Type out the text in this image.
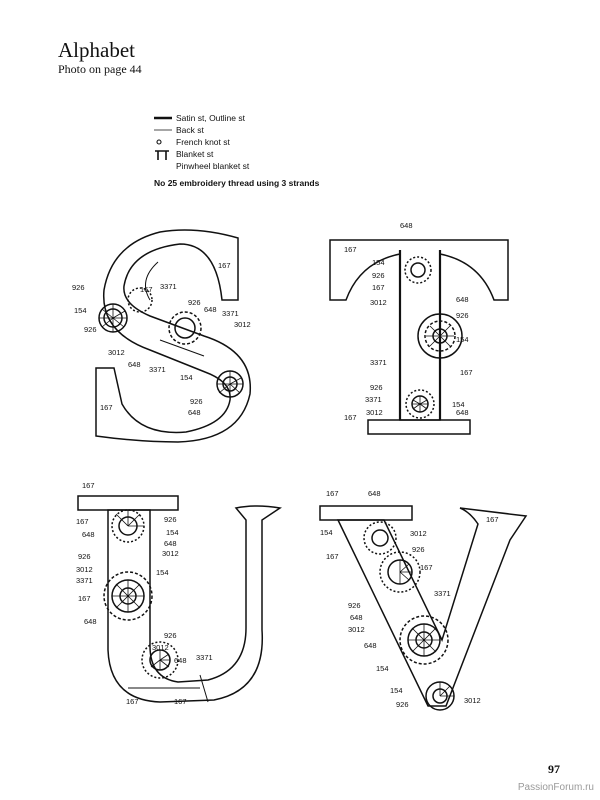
Alphabet
Photo on page 44
Satin st, Outline st
Back st
French knot st
Blanket st
Pinwheel blanket st
No 25 embroidery thread using 3 strands
167
926	167 3371
154
926
648 3371
3012
926
3012
648
3371
154
926
648
167
648
167
154
926
167
3012	648
926
154
3371
167
926
3371
154
3012	648
167
167
167	926
648	154
648
3012
926
3012	154
3371
167
648
926
3012
648 3371
167	167
167	648
154	3012
167
926
167
167
3371
926
648
3012
648
154
154
926	3012
97
PassionForum.ru
